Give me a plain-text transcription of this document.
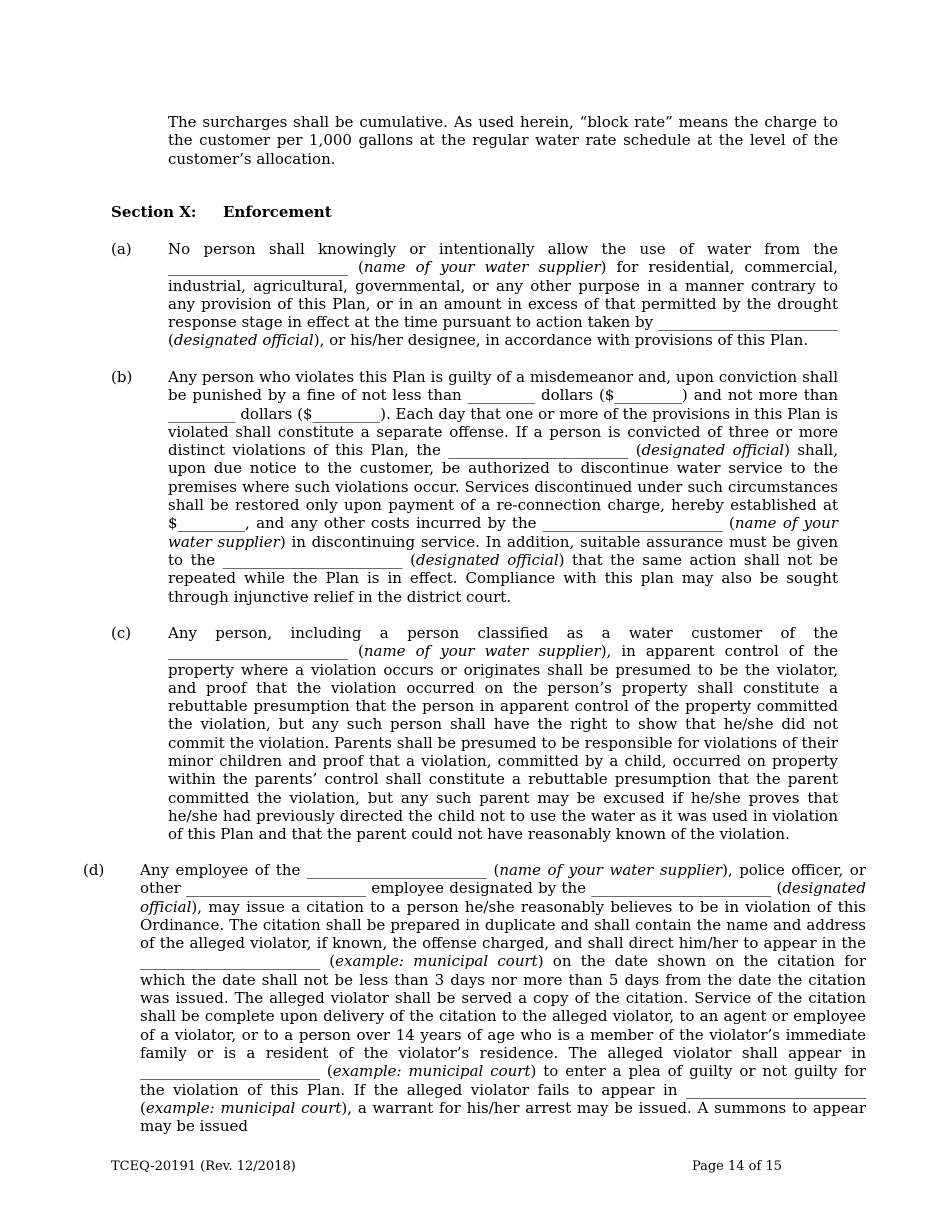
The surcharges shall be cumulative. As used herein, “block rate” means the charge to the customer per 1,000 gallons at the regular water rate schedule at the level of the customer’s allocation.

Section X: Enforcement
(a) No person shall knowingly or intentionally allow the use of water from the ________________________ (name of your water supplier) for residential, commercial, industrial, agricultural, governmental, or any other purpose in a manner contrary to any provision of this Plan, or in an amount in excess of that permitted by the drought response stage in effect at the time pursuant to action taken by ________________________ (designated official), or his/her designee, in accordance with provisions of this Plan.

(b) Any person who violates this Plan is guilty of a misdemeanor and, upon conviction shall be punished by a fine of not less than _________ dollars ($_________) and not more than _________ dollars ($_________). Each day that one or more of the provisions in this Plan is violated shall constitute a separate offense. If a person is convicted of three or more distinct violations of this Plan, the ________________________ (designated official) shall, upon due notice to the customer, be authorized to discontinue water service to the premises where such violations occur. Services discontinued under such circumstances shall be restored only upon payment of a re-connection charge, hereby established at $_________, and any other costs incurred by the ________________________ (name of your water supplier) in discontinuing service. In addition, suitable assurance must be given to the ________________________ (designated official) that the same action shall not be repeated while the Plan is in effect. Compliance with this plan may also be sought through injunctive relief in the district court.

(c) Any person, including a person classified as a water customer of the ________________________ (name of your water supplier), in apparent control of the property where a violation occurs or originates shall be presumed to be the violator, and proof that the violation occurred on the person’s property shall constitute a rebuttable presumption that the person in apparent control of the property committed the violation, but any such person shall have the right to show that he/she did not commit the violation. Parents shall be presumed to be responsible for violations of their minor children and proof that a violation, committed by a child, occurred on property within the parents’ control shall constitute a rebuttable presumption that the parent committed the violation, but any such parent may be excused if he/she proves that he/she had previously directed the child not to use the water as it was used in violation of this Plan and that the parent could not have reasonably known of the violation.

(d) Any employee of the ________________________ (name of your water supplier), police officer, or other ________________________ employee designated by the ________________________ (designated official), may issue a citation to a person he/she reasonably believes to be in violation of this Ordinance. The citation shall be prepared in duplicate and shall contain the name and address of the alleged violator, if known, the offense charged, and shall direct him/her to appear in the ________________________ (example: municipal court) on the date shown on the citation for which the date shall not be less than 3 days nor more than 5 days from the date the citation was issued. The alleged violator shall be served a copy of the citation. Service of the citation shall be complete upon delivery of the citation to the alleged violator, to an agent or employee of a violator, or to a person over 14 years of age who is a member of the violator’s immediate family or is a resident of the violator’s residence. The alleged violator shall appear in ________________________ (example: municipal court) to enter a plea of guilty or not guilty for the violation of this Plan. If the alleged violator fails to appear in ________________________ (example: municipal court), a warrant for his/her arrest may be issued. A summons to appear may be issued

TCEQ-20191 (Rev. 12/2018)	Page 14 of 15
